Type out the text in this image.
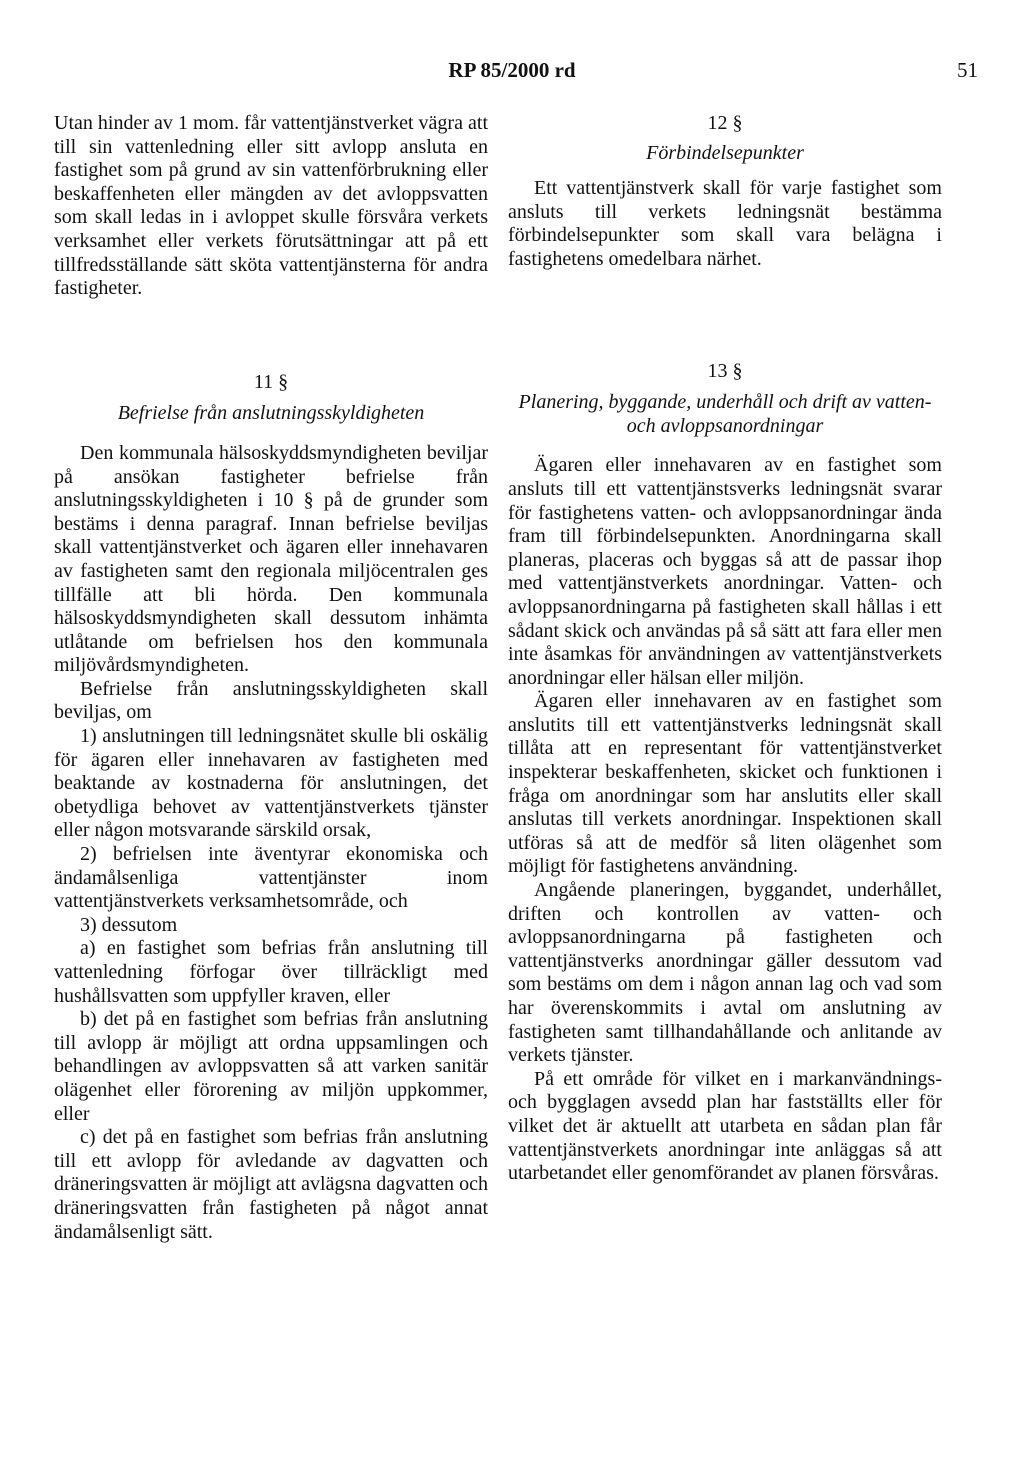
RP 85/2000 rd	51

Utan hinder av 1 mom. får vattentjänstverket vägra att till sin vattenledning eller sitt avlopp ansluta en fastighet som på grund av sin vattenförbrukning eller beskaffenheten eller mängden av det avloppsvatten som skall ledas in i avloppet skulle försvåra verkets verksamhet eller verkets förutsättningar att på ett tillfredsställande sätt sköta vattentjänsterna för andra fastigheter.

11 §

Befrielse från anslutningsskyldigheten

Den kommunala hälsoskyddsmyndigheten beviljar på ansökan fastigheter befrielse från anslutningsskyldigheten i 10 § på de grunder som bestäms i denna paragraf. Innan befrielse beviljas skall vattentjänstverket och ägaren eller innehavaren av fastigheten samt den regionala miljöcentralen ges tillfälle att bli hörda. Den kommunala hälsoskyddsmyndigheten skall dessutom inhämta utlåtande om befrielsen hos den kommunala miljövårdsmyndigheten.

Befrielse från anslutningsskyldigheten skall beviljas, om

1) anslutningen till ledningsnätet skulle bli oskälig för ägaren eller innehavaren av fastigheten med beaktande av kostnaderna för anslutningen, det obetydliga behovet av vattentjänstverkets tjänster eller någon motsvarande särskild orsak,

2) befrielsen inte äventyrar ekonomiska och ändamålsenliga vattentjänster inom vattentjänstverkets verksamhetsområde, och

3) dessutom

a) en fastighet som befrias från anslutning till vattenledning förfogar över tillräckligt med hushållsvatten som uppfyller kraven, eller

b) det på en fastighet som befrias från anslutning till avlopp är möjligt att ordna uppsamlingen och behandlingen av avloppsvatten så att varken sanitär olägenhet eller förorening av miljön uppkommer, eller

c) det på en fastighet som befrias från anslutning till ett avlopp för avledande av dagvatten och dräneringsvatten är möjligt att avlägsna dagvatten och dräneringsvatten från fastigheten på något annat ändamålsenligt sätt.

12 §

Förbindelsepunkter

Ett vattentjänstverk skall för varje fastighet som ansluts till verkets ledningsnät bestämma förbindelsepunkter som skall vara belägna i fastighetens omedelbara närhet.

13 §

Planering, byggande, underhåll och drift av vatten- och avloppsanordningar

Ägaren eller innehavaren av en fastighet som ansluts till ett vattentjänstsverks ledningsnät svarar för fastighetens vatten- och avloppsanordningar ända fram till förbindelsepunkten. Anordningarna skall planeras, placeras och byggas så att de passar ihop med vattentjänstverkets anordningar. Vatten- och avloppsanordningarna på fastigheten skall hållas i ett sådant skick och användas på så sätt att fara eller men inte åsamkas för användningen av vattentjänstverkets anordningar eller hälsan eller miljön.

Ägaren eller innehavaren av en fastighet som anslutits till ett vattentjänstverks ledningsnät skall tillåta att en representant för vattentjänstverket inspekterar beskaffenheten, skicket och funktionen i fråga om anordningar som har anslutits eller skall anslutas till verkets anordningar. Inspektionen skall utföras så att de medför så liten olägenhet som möjligt för fastighetens användning.

Angående planeringen, byggandet, underhållet, driften och kontrollen av vatten- och avloppsanordningarna på fastigheten och vattentjänstverks anordningar gäller dessutom vad som bestäms om dem i någon annan lag och vad som har överenskommits i avtal om anslutning av fastigheten samt tillhandahållande och anlitande av verkets tjänster.

På ett område för vilket en i markanvändnings- och bygglagen avsedd plan har fastställts eller för vilket det är aktuellt att utarbeta en sådan plan får vattentjänstverkets anordningar inte anläggas så att utarbetandet eller genomförandet av planen försvåras.
